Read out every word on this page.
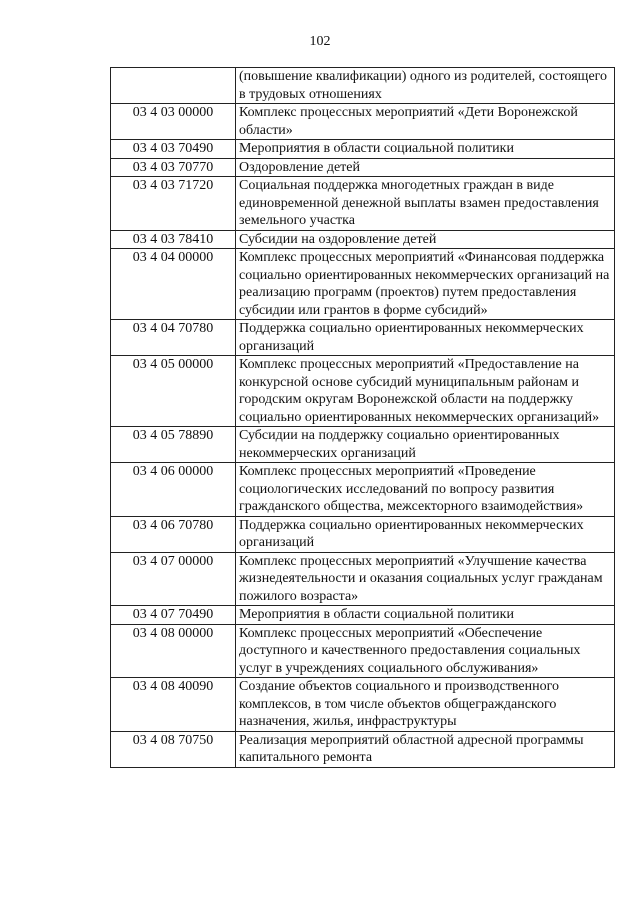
102
	(повышение квалификации) одного из родителей, состоящего в трудовых отношениях
03 4 03 00000	Комплекс процессных мероприятий «Дети Воронежской области»
03 4 03 70490	Мероприятия в области социальной политики
03 4 03 70770	Оздоровление детей
03 4 03 71720	Социальная поддержка многодетных граждан в виде единовременной денежной выплаты взамен предоставления земельного участка
03 4 03 78410	Субсидии на оздоровление детей
03 4 04 00000	Комплекс процессных мероприятий «Финансовая поддержка социально ориентированных некоммерческих организаций на реализацию программ (проектов) путем предоставления субсидии или грантов в форме субсидий»
03 4 04 70780	Поддержка социально ориентированных некоммерческих организаций
03 4 05 00000	Комплекс процессных мероприятий «Предоставление на конкурсной основе субсидий муниципальным районам и городским округам Воронежской области на поддержку социально ориентированных некоммерческих организаций»
03 4 05 78890	Субсидии на поддержку социально ориентированных некоммерческих организаций
03 4 06 00000	Комплекс процессных мероприятий «Проведение социологических исследований по вопросу развития гражданского общества, межсекторного взаимодействия»
03 4 06 70780	Поддержка социально ориентированных некоммерческих организаций
03 4 07 00000	Комплекс процессных мероприятий «Улучшение качества жизнедеятельности и оказания социальных услуг гражданам пожилого возраста»
03 4 07 70490	Мероприятия в области социальной политики
03 4 08 00000	Комплекс процессных мероприятий «Обеспечение доступного и качественного предоставления социальных услуг в учреждениях социального обслуживания»
03 4 08 40090	Создание объектов социального и производственного комплексов, в том числе объектов общегражданского назначения, жилья, инфраструктуры
03 4 08 70750	Реализация мероприятий областной адресной программы капитального ремонта
